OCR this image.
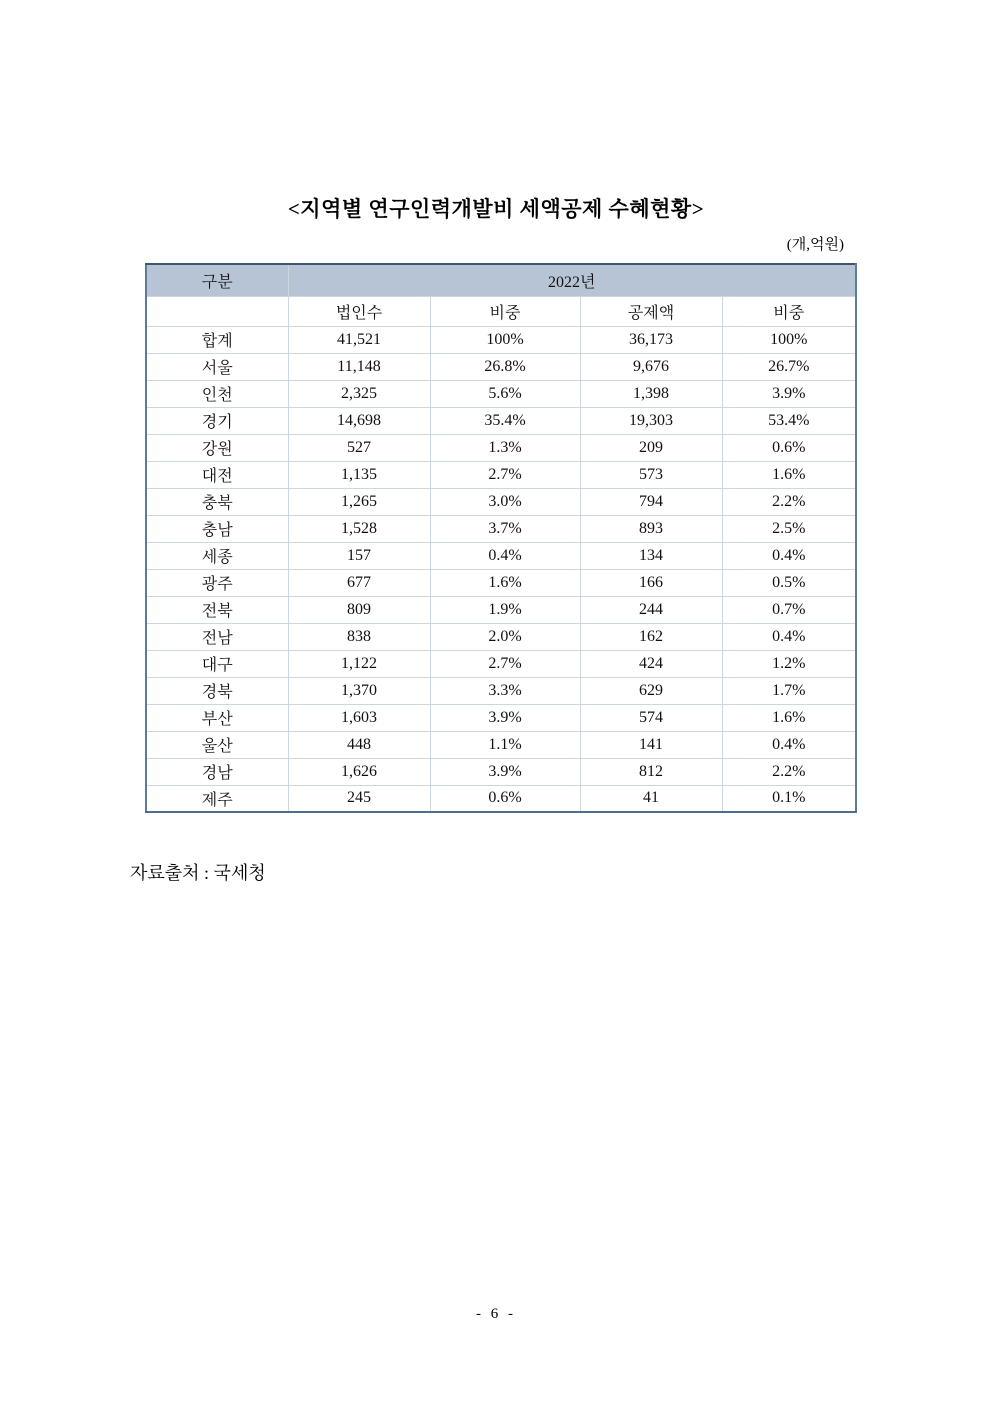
<지역별 연구인력개발비 세액공제 수혜현황>
(개,억원)
구분	2022년			
	법인수	비중	공제액	비중
합계	41,521	100%	36,173	100%
서울	11,148	26.8%	9,676	26.7%
인천	2,325	5.6%	1,398	3.9%
경기	14,698	35.4%	19,303	53.4%
강원	527	1.3%	209	0.6%
대전	1,135	2.7%	573	1.6%
충북	1,265	3.0%	794	2.2%
충남	1,528	3.7%	893	2.5%
세종	157	0.4%	134	0.4%
광주	677	1.6%	166	0.5%
전북	809	1.9%	244	0.7%
전남	838	2.0%	162	0.4%
대구	1,122	2.7%	424	1.2%
경북	1,370	3.3%	629	1.7%
부산	1,603	3.9%	574	1.6%
울산	448	1.1%	141	0.4%
경남	1,626	3.9%	812	2.2%
제주	245	0.6%	41	0.1%
자료출처 : 국세청
- 6 -
